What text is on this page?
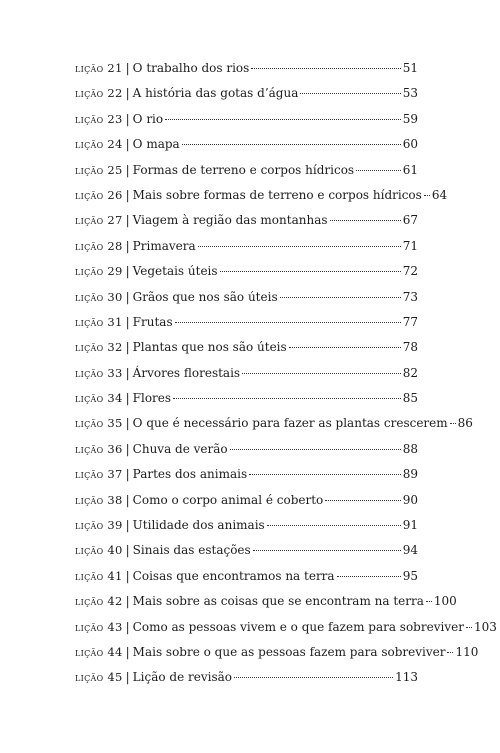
lição 21 | O trabalho dos rios	51
lição 22 | A história das gotas d’água	53
lição 23 | O rio	59
lição 24 | O mapa	60
lição 25 | Formas de terreno e corpos hídricos	61
lição 26 | Mais sobre formas de terreno e corpos hídricos 64
lição 27 | Viagem à região das montanhas	67
lição 28 | Primavera	71
lição 29 | Vegetais úteis	72
lição 30 | Grãos que nos são úteis	73
lição 31 | Frutas	77
lição 32 | Plantas que nos são úteis	78
lição 33 | Árvores florestais	82
lição 34 | Flores	85
lição 35 | O que é necessário para fazer as plantas crescerem 86
lição 36 | Chuva de verão	88
lição 37 | Partes dos animais	89
lição 38 | Como o corpo animal é coberto	90
lição 39 | Utilidade dos animais	91
lição 40 | Sinais das estações	94
lição 41 | Coisas que encontramos na terra	95
lição 42 | Mais sobre as coisas que se encontram na terra 100
lição 43 | Como as pessoas vivem e o que fazem para sobreviver 103
lição 44 | Mais sobre o que as pessoas fazem para sobreviver 110
lição 45 | Lição de revisão	113
